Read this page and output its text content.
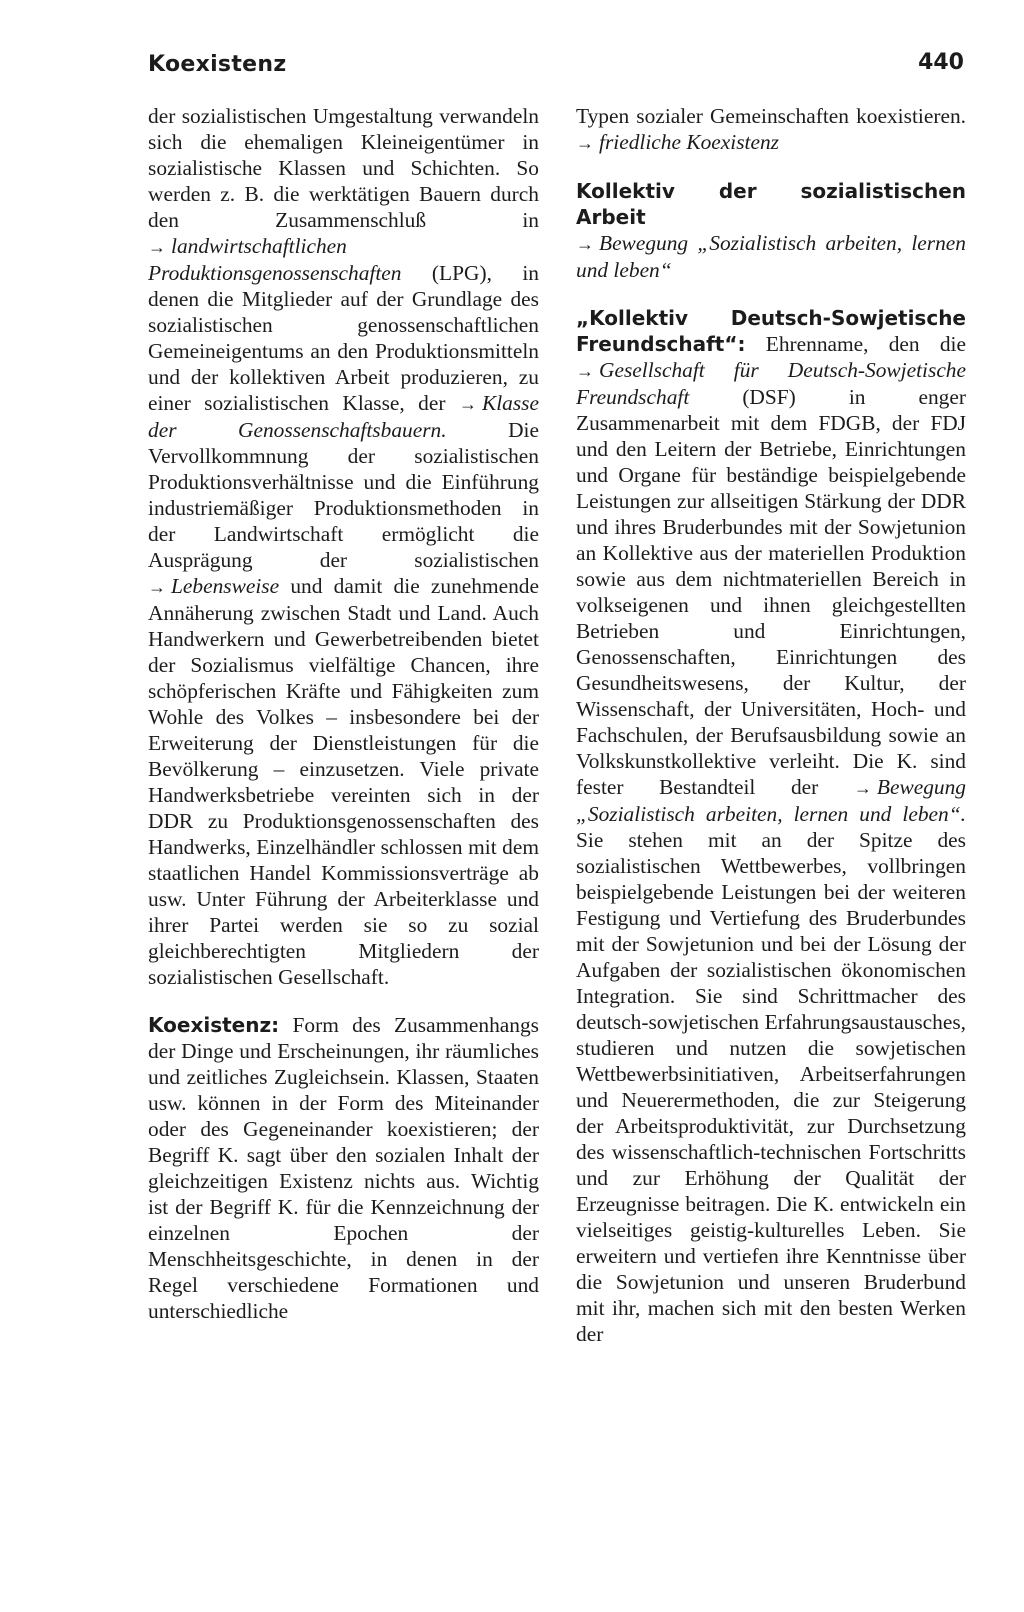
Koexistenz	440

der sozialistischen Umgestaltung verwandeln sich die ehemaligen Kleineigentümer in sozialistische Klassen und Schichten. So werden z. B. die werktätigen Bauern durch den Zusammenschluß in → landwirtschaftlichen Produktionsgenossenschaften (LPG), in denen die Mitglieder auf der Grundlage des sozialistischen genossenschaftlichen Gemeineigentums an den Produktionsmitteln und der kollektiven Arbeit produzieren, zu einer sozialistischen Klasse, der → Klasse der Genossenschaftsbauern.	Die Vervollkommnung der sozialistischen Produktionsverhältnisse und die Einführung industriemäßiger Produktionsmethoden in der Landwirtschaft ermöglicht die Ausprägung der sozialistischen → Lebensweise und damit die zunehmende Annäherung zwischen Stadt und Land. Auch Handwerkern und Gewerbetreibenden bietet der Sozialismus vielfältige Chancen, ihre schöpferischen Kräfte und Fähigkeiten zum Wohle des Volkes – insbesondere bei der Erweiterung der Dienstleistungen für die Bevölkerung – einzusetzen. Viele private Handwerksbetriebe vereinten sich in der DDR zu Produktionsgenossenschaften des Handwerks, Einzelhändler schlossen mit dem staatlichen Handel Kommissionsverträge ab usw. Unter Führung der Arbeiterklasse und ihrer Partei werden sie so zu sozial gleichberechtigten Mitgliedern der sozialistischen Gesellschaft.

Koexistenz: Form des Zusammenhangs der Dinge und Erscheinungen, ihr räumliches und zeitliches Zugleichsein. Klassen, Staaten usw. können in der Form des Miteinander oder des Gegeneinander koexistieren; der Begriff K. sagt über den sozialen Inhalt der gleichzeitigen Existenz nichts aus. Wichtig ist der Begriff K. für die Kennzeichnung der einzelnen Epochen der Menschheitsgeschichte, in denen in der Regel verschiedene Formationen und unterschiedliche

Typen sozialer Gemeinschaften koexistieren. → friedliche Koexistenz

Kollektiv der sozialistischen Arbeit
→ Bewegung „Sozialistisch arbeiten, lernen und leben“

„Kollektiv Deutsch-Sowjetische Freundschaft“: Ehrenname, den die → Gesellschaft für Deutsch-Sowjetische Freundschaft (DSF) in enger Zusammenarbeit mit dem FDGB, der FDJ und den Leitern der Betriebe, Einrichtungen und Organe für beständige beispielgebende Leistungen zur allseitigen Stärkung der DDR und ihres Bruderbundes mit der Sowjetunion an Kollektive aus der materiellen Produktion sowie aus dem nichtmateriellen Bereich in volkseigenen und ihnen gleichgestellten Betrieben und Einrichtungen, Genossenschaften, Einrichtungen des Gesundheitswesens, der Kultur, der Wissenschaft, der Universitäten, Hoch- und Fachschulen, der Berufsausbildung sowie an Volkskunstkollektive verleiht. Die K. sind fester Bestandteil der → Bewegung „Sozialistisch arbeiten, lernen und leben“. Sie stehen mit an der Spitze des sozialistischen Wettbewerbes, vollbringen beispielgebende Leistungen bei der weiteren Festigung und Vertiefung des Bruderbundes mit der Sowjetunion und bei der Lösung der Aufgaben der sozialistischen ökonomischen Integration. Sie sind Schrittmacher des deutsch-sowjetischen Erfahrungsaustausches, studieren und nutzen die sowjetischen Wettbewerbsinitiativen, Arbeitserfahrungen und Neuerermethoden, die zur Steigerung der Arbeitsproduktivität, zur Durchsetzung des wissenschaftlich-technischen Fortschritts und zur Erhöhung der Qualität der Erzeugnisse beitragen. Die K. entwickeln ein vielseitiges geistig-kulturelles Leben. Sie erweitern und vertiefen ihre Kenntnisse über die Sowjetunion und unseren Bruderbund mit ihr, machen sich mit den besten Werken der
